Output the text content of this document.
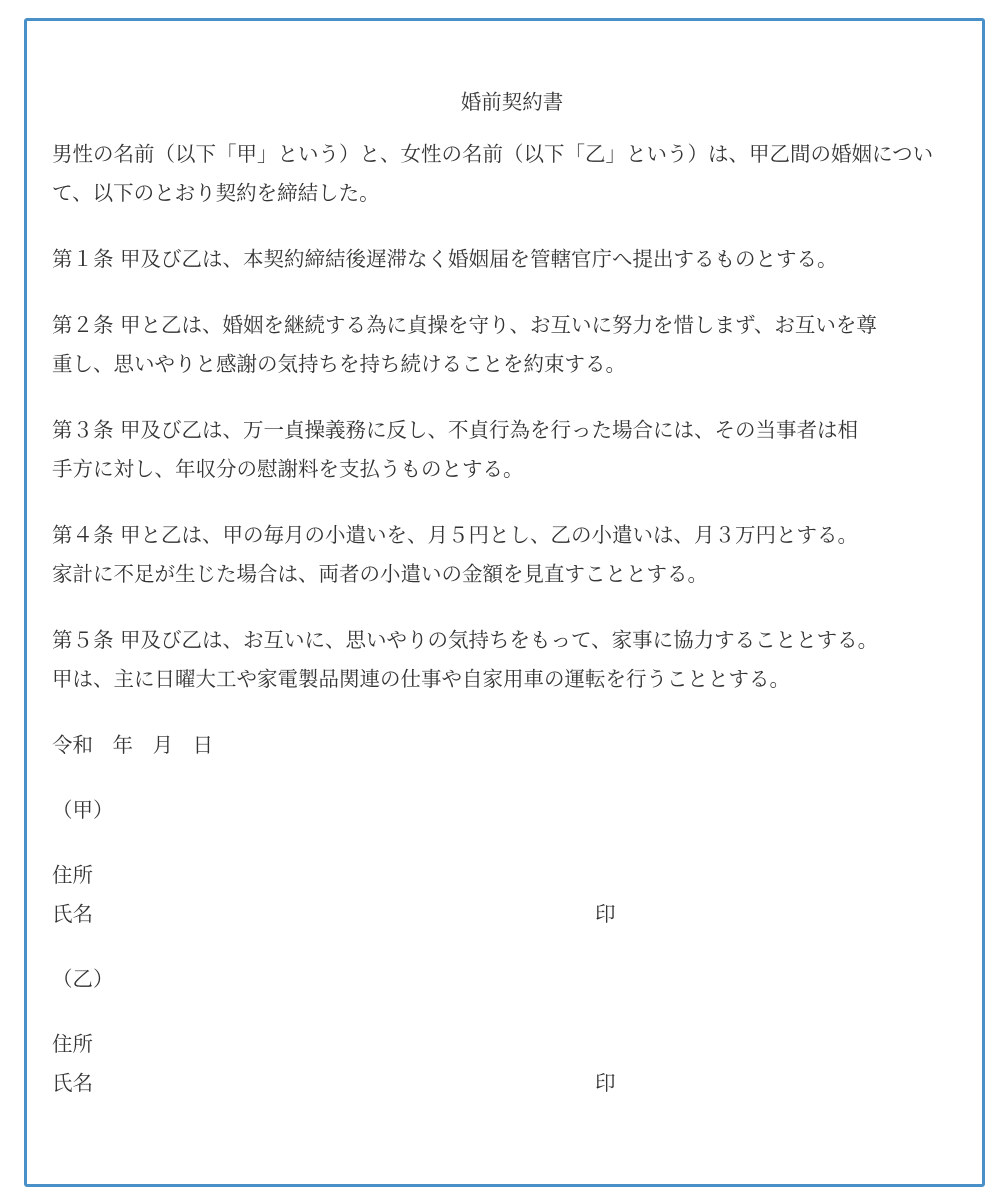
婚前契約書
男性の名前（以下「甲」という）と、女性の名前（以下「乙」という）は、甲乙間の婚姻について、以下のとおり契約を締結した。
第１条 甲及び乙は、本契約締結後遅滞なく婚姻届を管轄官庁へ提出するものとする。
第２条 甲と乙は、婚姻を継続する為に貞操を守り、お互いに努力を惜しまず、お互いを尊
重し、思いやりと感謝の気持ちを持ち続けることを約束する。
第３条 甲及び乙は、万一貞操義務に反し、不貞行為を行った場合には、その当事者は相
手方に対し、年収分の慰謝料を支払うものとする。
第４条 甲と乙は、甲の毎月の小遣いを、月５円とし、乙の小遣いは、月３万円とする。
家計に不足が生じた場合は、両者の小遣いの金額を見直すこととする。
第５条 甲及び乙は、お互いに、思いやりの気持ちをもって、家事に協力することとする。
甲は、主に日曜大工や家電製品関連の仕事や自家用車の運転を行うこととする。
令和 年 月 日
（甲）
住所
氏名	印
（乙）
住所
氏名	印
